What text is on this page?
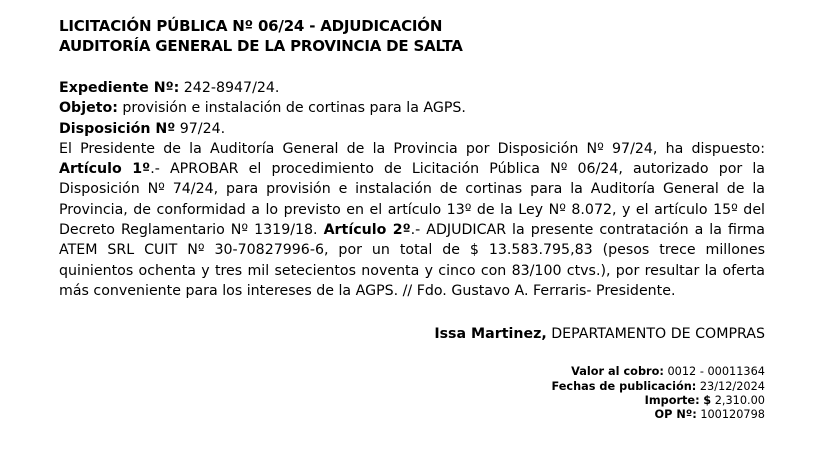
LICITACIÓN PÚBLICA Nº 06/24 - ADJUDICACIÓN
AUDITORÍA GENERAL DE LA PROVINCIA DE SALTA
Expediente Nº: 242-8947/24.
Objeto: provisión e instalación de cortinas para la AGPS.
Disposición Nº 97/24.
El Presidente de la Auditoría General de la Provincia por Disposición Nº 97/24, ha dispuesto: Artículo 1º.- APROBAR el procedimiento de Licitación Pública Nº 06/24, autorizado por la Disposición Nº 74/24, para provisión e instalación de cortinas para la Auditoría General de la Provincia, de conformidad a lo previsto en el artículo 13º de la Ley Nº 8.072, y el artículo 15º del Decreto Reglamentario Nº 1319/18. Artículo 2º.- ADJUDICAR la presente contratación a la firma ATEM SRL CUIT Nº 30-70827996-6, por un total de $ 13.583.795,83 (pesos trece millones quinientos ochenta y tres mil setecientos noventa y cinco con 83/100 ctvs.), por resultar la oferta más conveniente para los intereses de la AGPS. // Fdo. Gustavo A. Ferraris- Presidente.
Issa Martinez, DEPARTAMENTO DE COMPRAS
Valor al cobro: 0012 - 00011364
Fechas de publicación: 23/12/2024
Importe: $ 2,310.00
OP Nº: 100120798
